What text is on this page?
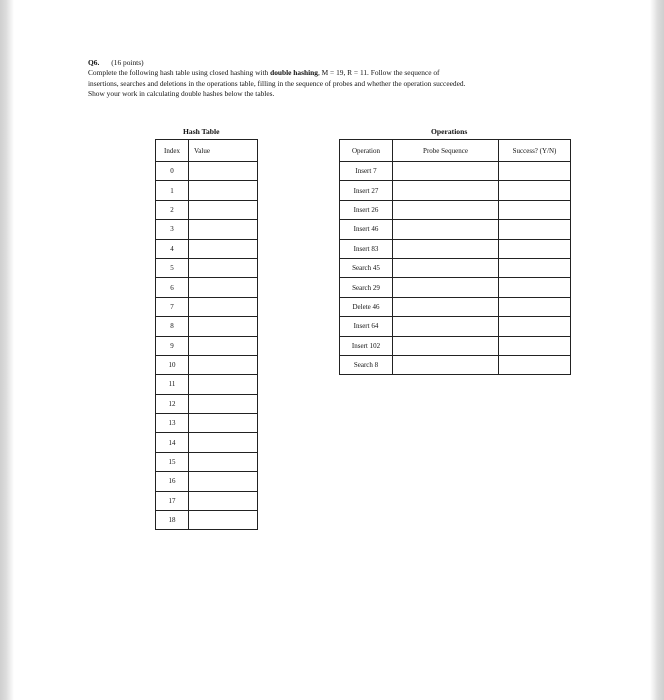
Q6. (16 points)
Complete the following hash table using closed hashing with double hashing, M = 19, R = 11. Follow the sequence of
insertions, searches and deletions in the operations table, filling in the sequence of probes and whether the operation succeeded.
Show your work in calculating double hashes below the tables.
Hash Table	Operations
Index	Value
0	
1	
2	
3	
4	
5	
6	
7	
8	
9	
10	
11	
12	
13	
14	
15	
16	
17	
18	
Operation	Probe Sequence	Success? (Y/N)
Insert 7		
Insert 27		
Insert 26		
Insert 46		
Insert 83		
Search 45		
Search 29		
Delete 46		
Insert 64		
Insert 102		
Search 8		
